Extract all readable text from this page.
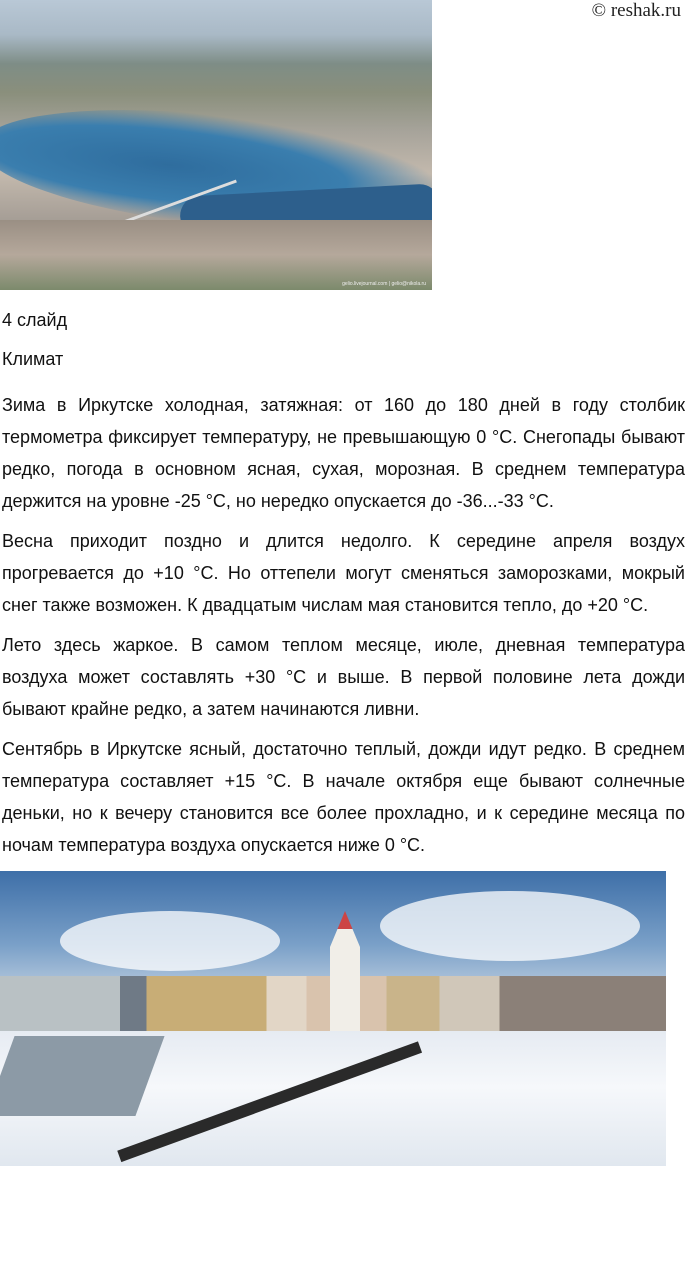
© reshak.ru
gelio.livejournal.com | gelio@nikola.ru
4 слайд
Климат

Зима в Иркутске холодная, затяжная: от 160 до 180 дней в году столбик термометра фиксирует температуру, не превышающую 0 °С. Снегопады бывают редко, погода в основном ясная, сухая, морозная. В среднем температура держится на уровне -25 °С, но нередко опускается до -36...-33 °С.

Весна приходит поздно и длится недолго. К середине апреля воздух прогревается до +10 °С. Но оттепели могут сменяться заморозками, мокрый снег также возможен. К двадцатым числам мая становится тепло, до +20 °С.

Лето здесь жаркое. В самом теплом месяце, июле, дневная температура воздуха может составлять +30 °С и выше. В первой половине лета дожди бывают крайне редко, а затем начинаются ливни.

Сентябрь в Иркутске ясный, достаточно теплый, дожди идут редко. В среднем температура составляет +15 °С. В начале октября еще бывают солнечные деньки, но к вечеру становится все более прохладно, и к середине месяца по ночам температура воздуха опускается ниже 0 °С.
